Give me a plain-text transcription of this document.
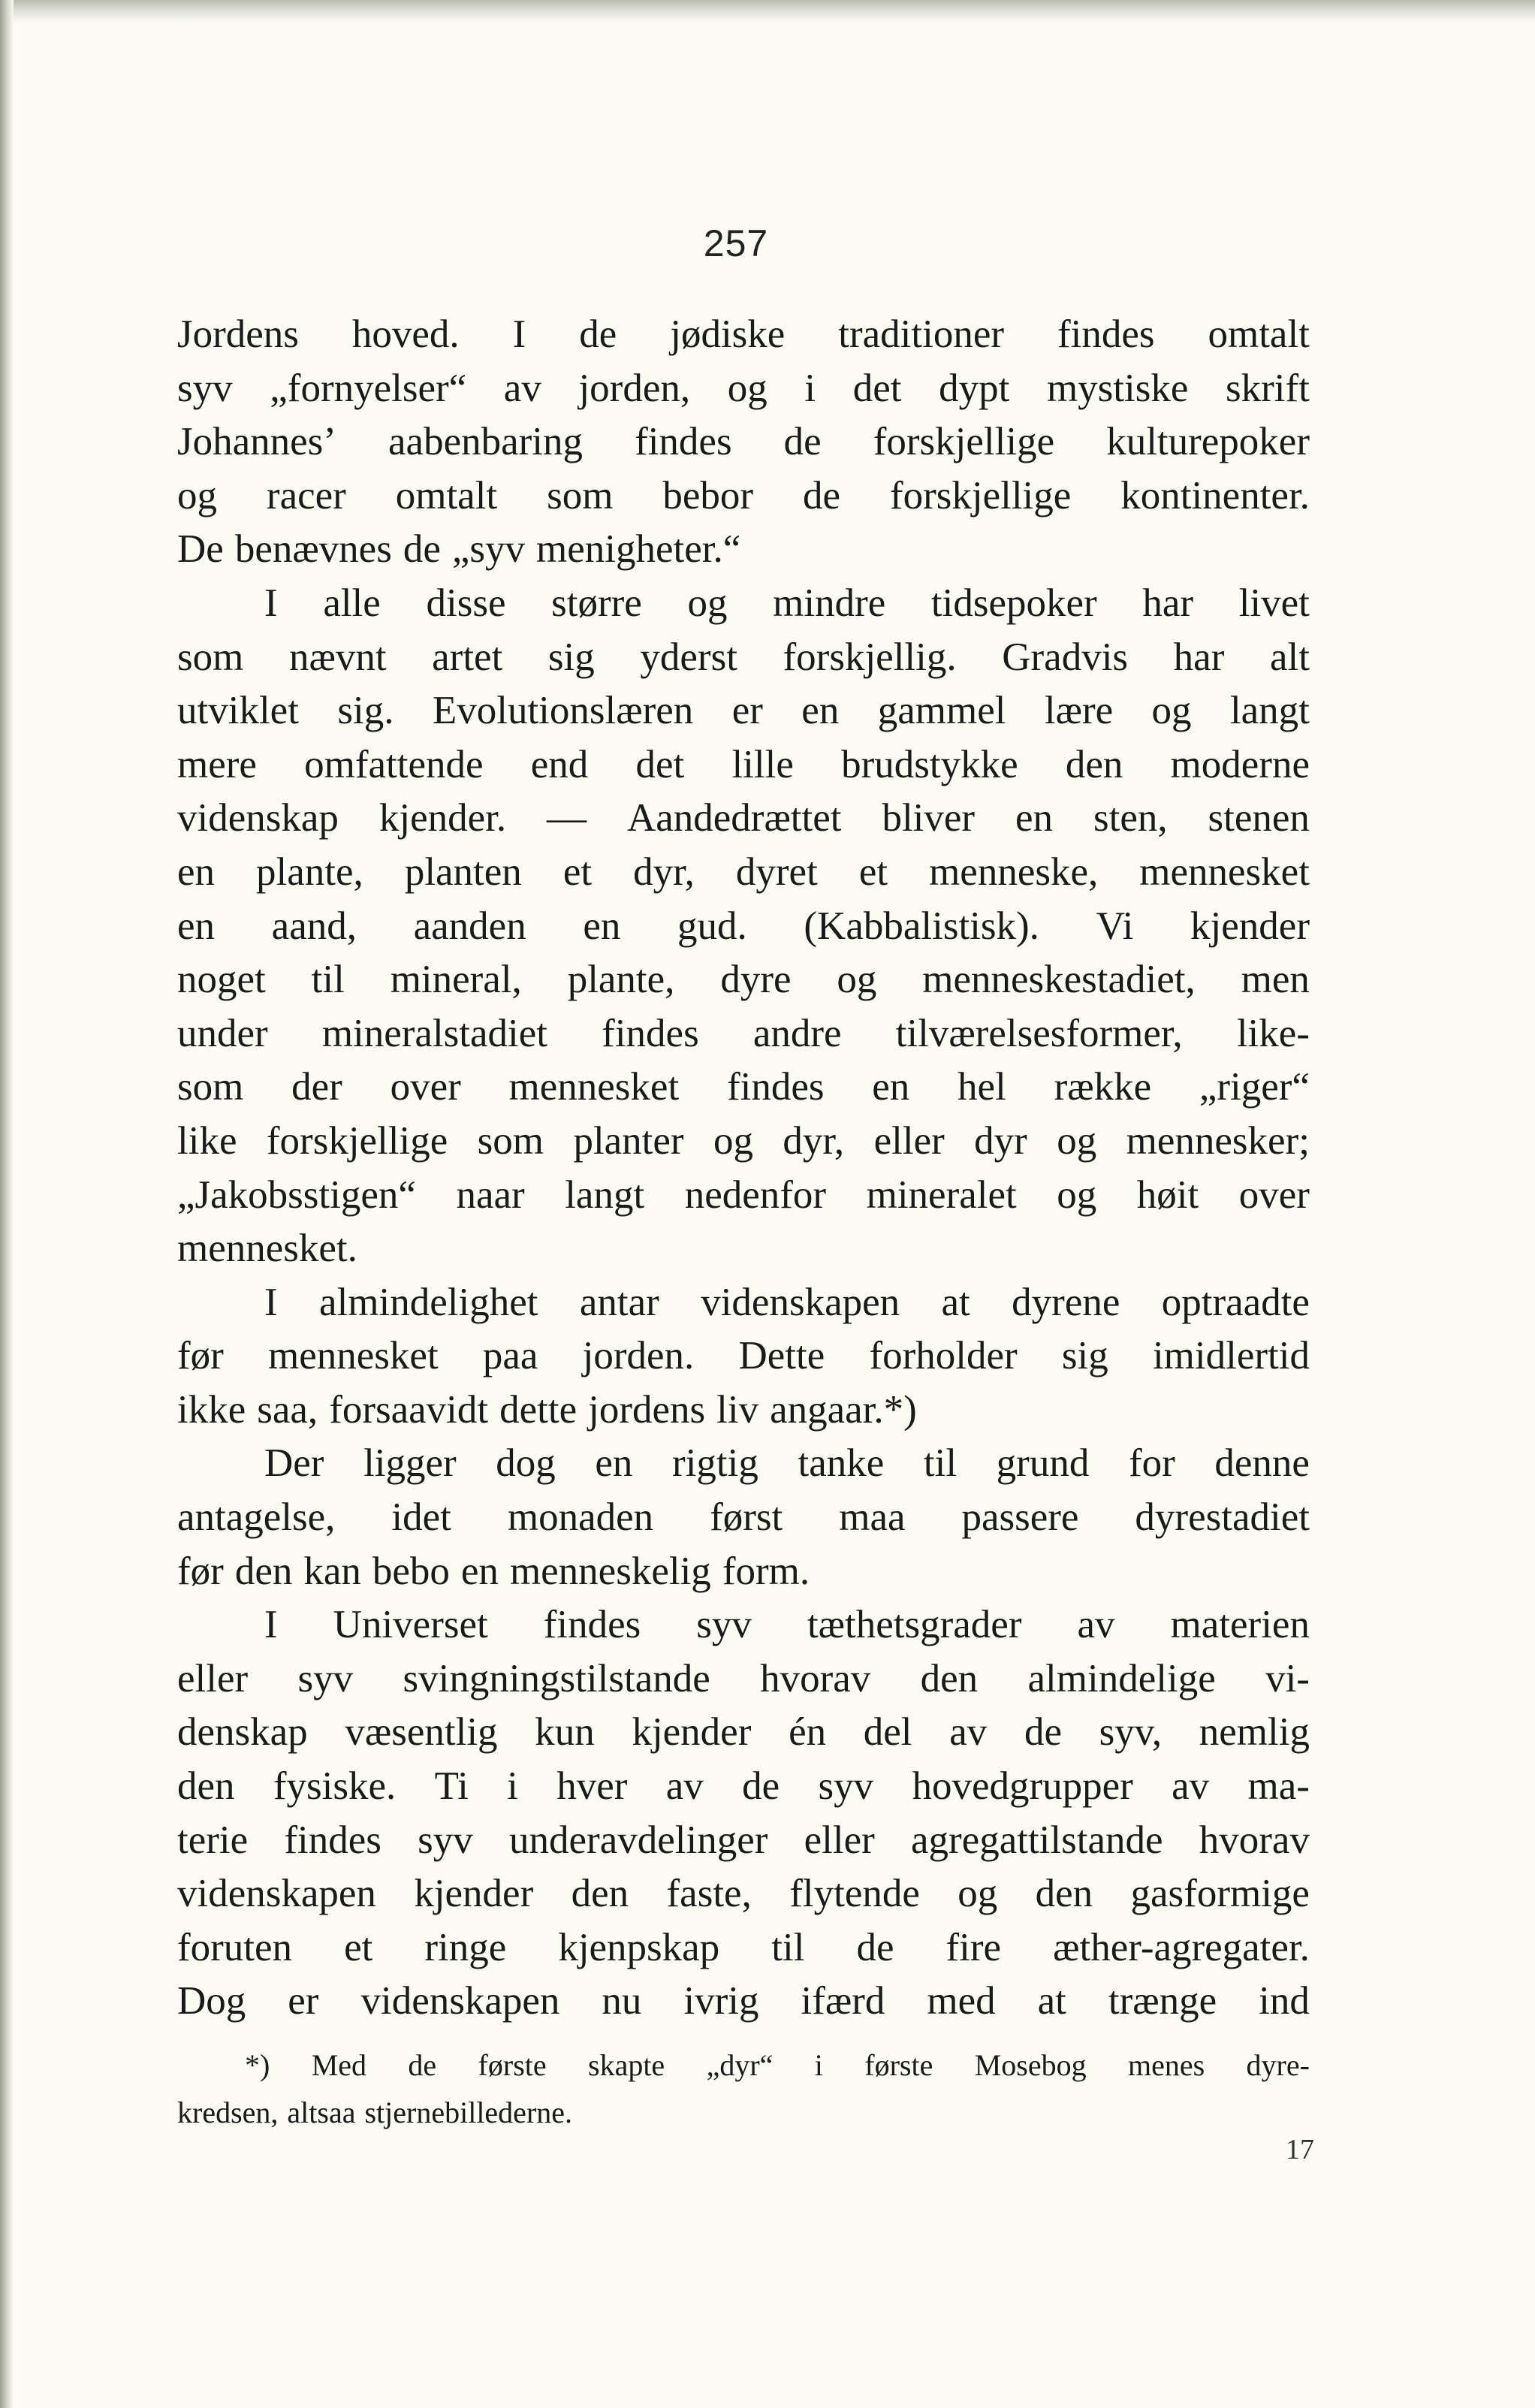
257
Jordens hoved. I de jødiske traditioner findes omtalt
syv „fornyelser“ av jorden, og i det dypt mystiske skrift
Johannes’ aabenbaring findes de forskjellige kulturepoker
og racer omtalt som bebor de forskjellige kontinenter.
De benævnes de „syv menigheter.“
I alle disse større og mindre tidsepoker har livet
som nævnt artet sig yderst forskjellig. Gradvis har alt
utviklet sig. Evolutionslæren er en gammel lære og langt
mere omfattende end det lille brudstykke den moderne
videnskap kjender. — Aandedrættet bliver en sten, stenen
en plante, planten et dyr, dyret et menneske, mennesket
en aand, aanden en gud. (Kabbalistisk). Vi kjender
noget til mineral, plante, dyre og menneskestadiet, men
under mineralstadiet findes andre tilværelsesformer, like-
som der over mennesket findes en hel række „riger“
like forskjellige som planter og dyr, eller dyr og mennesker;
„Jakobsstigen“ naar langt nedenfor mineralet og høit over
mennesket.
I almindelighet antar videnskapen at dyrene optraadte
før mennesket paa jorden. Dette forholder sig imidlertid
ikke saa, forsaavidt dette jordens liv angaar.*)
Der ligger dog en rigtig tanke til grund for denne
antagelse, idet monaden først maa passere dyrestadiet
før den kan bebo en menneskelig form.
I Universet findes syv tæthetsgrader av materien
eller syv svingningstilstande hvorav den almindelige vi-
denskap væsentlig kun kjender én del av de syv, nemlig
den fysiske. Ti i hver av de syv hovedgrupper av ma-
terie findes syv underavdelinger eller agregattilstande hvorav
videnskapen kjender den faste, flytende og den gasformige
foruten et ringe kjenpskap til de fire æther-agregater.
Dog er videnskapen nu ivrig ifærd med at trænge ind
*) Med de første skapte „dyr“ i første Mosebog menes dyre-
kredsen, altsaa stjernebillederne.
17
